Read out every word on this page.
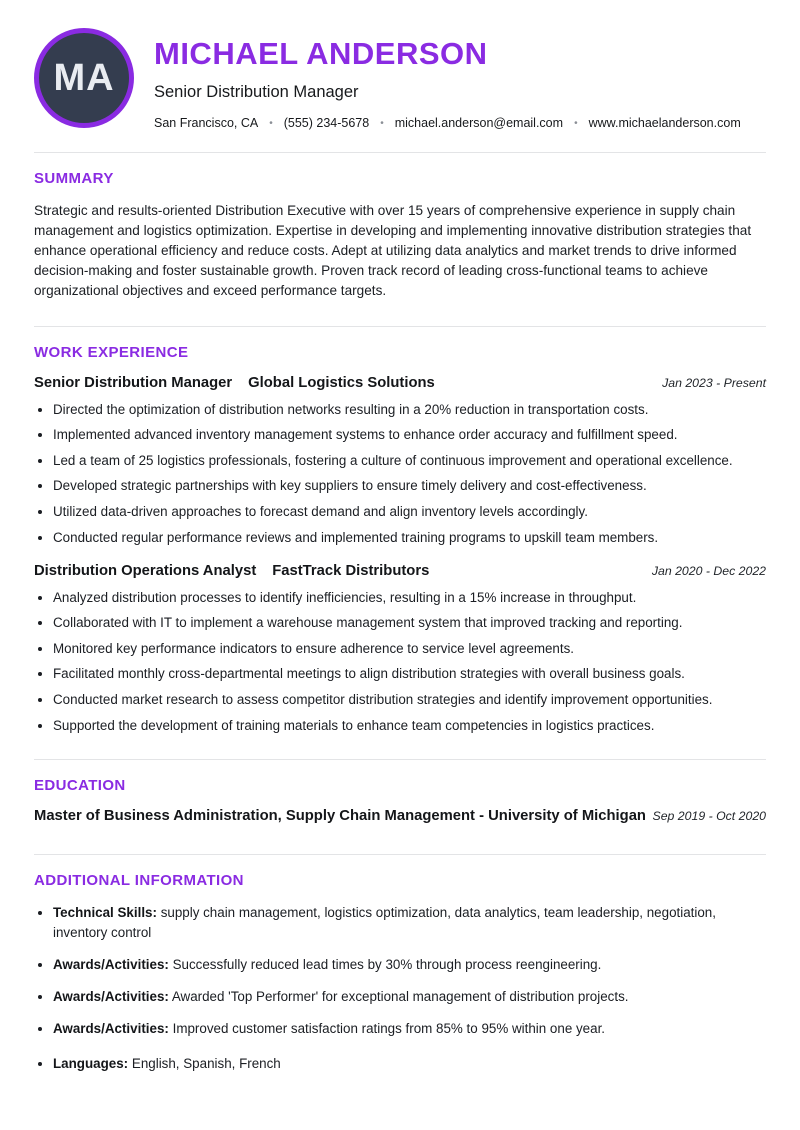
MA
MICHAEL ANDERSON
Senior Distribution Manager
San Francisco, CA • (555) 234-5678 • michael.anderson@email.com • www.michaelanderson.com
SUMMARY

Strategic and results-oriented Distribution Executive with over 15 years of comprehensive experience in supply chain management and logistics optimization. Expertise in developing and implementing innovative distribution strategies that enhance operational efficiency and reduce costs. Adept at utilizing data analytics and market trends to drive informed decision-making and foster sustainable growth. Proven track record of leading cross-functional teams to achieve organizational objectives and exceed performance targets.

WORK EXPERIENCE
Senior Distribution Manager Global Logistics Solutions	Jan 2023 - Present
• Directed the optimization of distribution networks resulting in a 20% reduction in transportation costs.
• Implemented advanced inventory management systems to enhance order accuracy and fulfillment speed.
• Led a team of 25 logistics professionals, fostering a culture of continuous improvement and operational excellence.
• Developed strategic partnerships with key suppliers to ensure timely delivery and cost-effectiveness.
• Utilized data-driven approaches to forecast demand and align inventory levels accordingly.
• Conducted regular performance reviews and implemented training programs to upskill team members.
Distribution Operations Analyst FastTrack Distributors	Jan 2020 - Dec 2022
• Analyzed distribution processes to identify inefficiencies, resulting in a 15% increase in throughput.
• Collaborated with IT to implement a warehouse management system that improved tracking and reporting.
• Monitored key performance indicators to ensure adherence to service level agreements.
• Facilitated monthly cross-departmental meetings to align distribution strategies with overall business goals.
• Conducted market research to assess competitor distribution strategies and identify improvement opportunities.
• Supported the development of training materials to enhance team competencies in logistics practices.
EDUCATION
Master of Business Administration, Supply Chain Management - University of Michigan Sep 2019 - Oct 2020
ADDITIONAL INFORMATION
• Technical Skills: supply chain management, logistics optimization, data analytics, team leadership, negotiation, inventory control
• Awards/Activities: Successfully reduced lead times by 30% through process reengineering.
• Awards/Activities: Awarded 'Top Performer' for exceptional management of distribution projects.
• Awards/Activities: Improved customer satisfaction ratings from 85% to 95% within one year.
• Languages: English, Spanish, French
